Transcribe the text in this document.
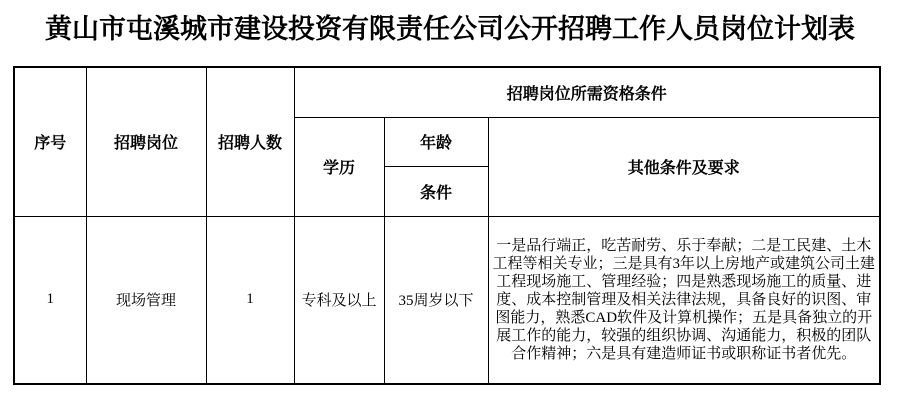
黄山市屯溪城市建设投资有限责任公司公开招聘工作人员岗位计划表
序号	招聘岗位	招聘人数	招聘岗位所需资格条件		
			学历	年龄	其他条件及要求
				条件	
1	现场管理	1	专科及以上	35周岁以下	一是品行端正，吃苦耐劳、乐于奉献；二是工民建、土木工程等相关专业；三是具有3年以上房地产或建筑公司土建工程现场施工、管理经验；四是熟悉现场施工的质量、进度、成本控制管理及相关法律法规，具备良好的识图、审图能力，熟悉CAD软件及计算机操作；五是具备独立的开展工作的能力，较强的组织协调、沟通能力，积极的团队合作精神；六是具有建造师证书或职称证书者优先。
